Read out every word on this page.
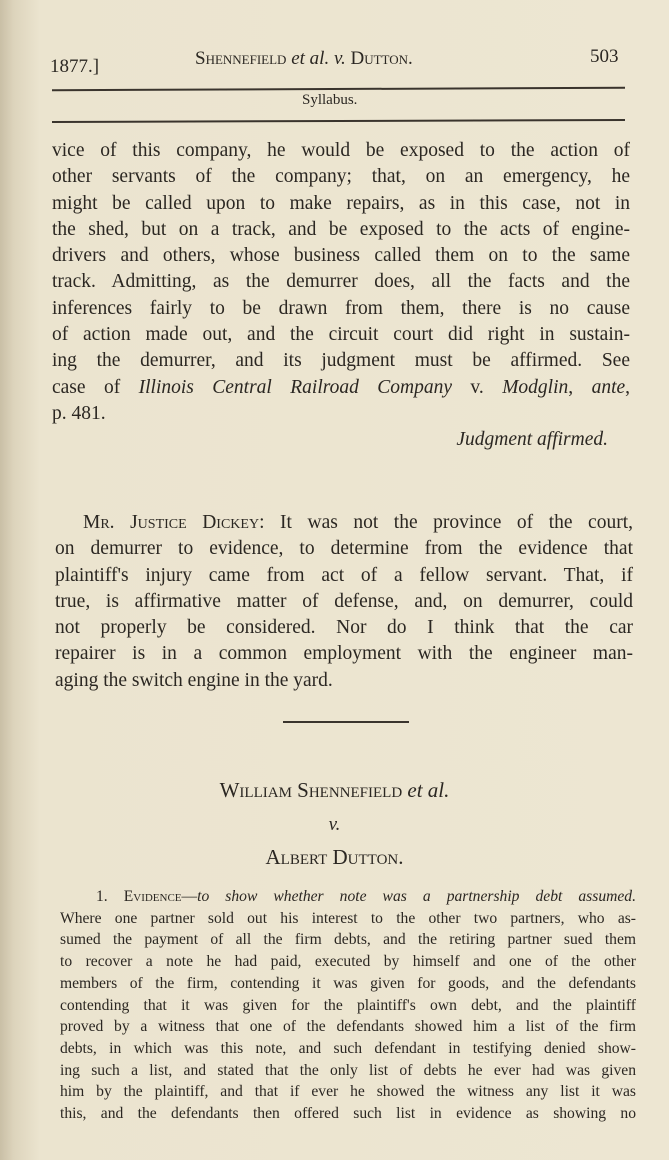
1877.]	Shennefield et al. v. Dutton.	503
Syllabus.
vice of this company, he would be exposed to the action of
other servants of the company; that, on an emergency, he
might be called upon to make repairs, as in this case, not in
the shed, but on a track, and be exposed to the acts of engine-
drivers and others, whose business called them on to the same
track. Admitting, as the demurrer does, all the facts and the
inferences fairly to be drawn from them, there is no cause
of action made out, and the circuit court did right in sustain-
ing the demurrer, and its judgment must be affirmed. See
case of Illinois Central Railroad Company v. Modglin, ante,
p. 481.
Judgment affirmed.
Mr. Justice Dickey: It was not the province of the court,
on demurrer to evidence, to determine from the evidence that
plaintiff's injury came from act of a fellow servant. That, if
true, is affirmative matter of defense, and, on demurrer, could
not properly be considered. Nor do I think that the car
repairer is in a common employment with the engineer man-
aging the switch engine in the yard.
William Shennefield et al.
v.
Albert Dutton.
1. Evidence—to show whether note was a partnership debt assumed.
Where one partner sold out his interest to the other two partners, who as-
sumed the payment of all the firm debts, and the retiring partner sued them
to recover a note he had paid, executed by himself and one of the other
members of the firm, contending it was given for goods, and the defendants
contending that it was given for the plaintiff's own debt, and the plaintiff
proved by a witness that one of the defendants showed him a list of the firm
debts, in which was this note, and such defendant in testifying denied show-
ing such a list, and stated that the only list of debts he ever had was given
him by the plaintiff, and that if ever he showed the witness any list it was
this, and the defendants then offered such list in evidence as showing no
